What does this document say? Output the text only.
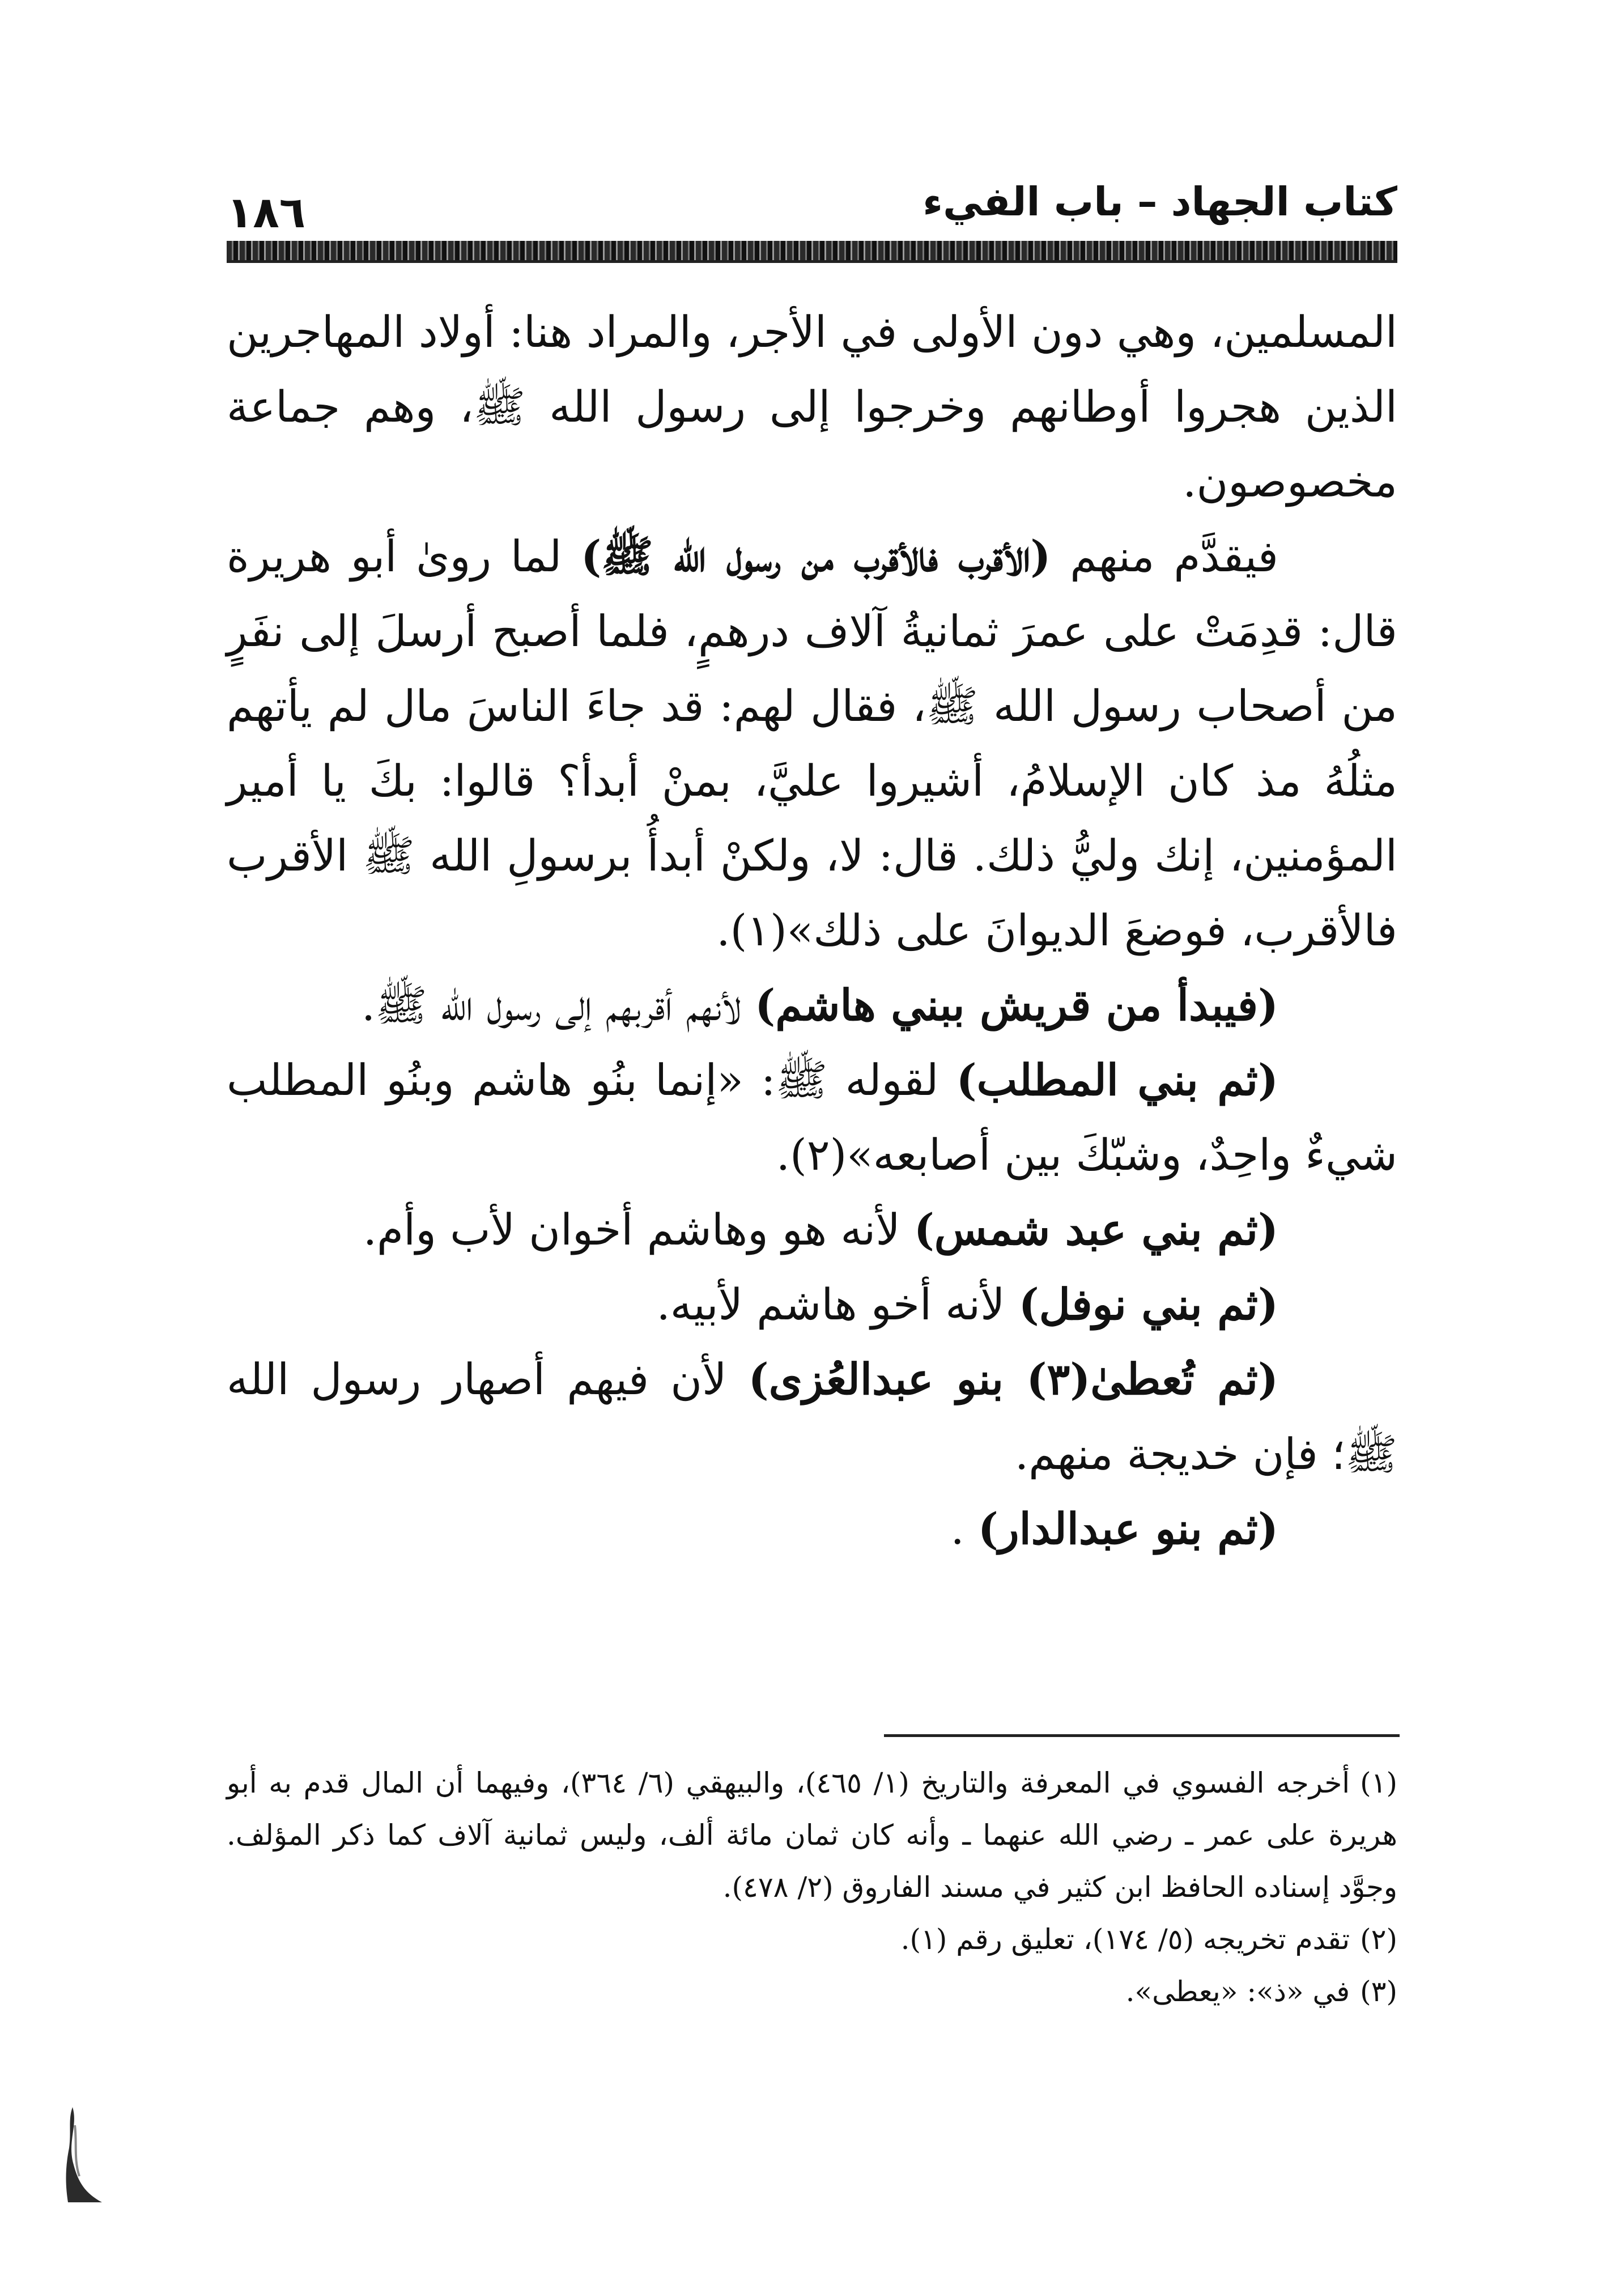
١٨٦	كتاب الجهاد – باب الفيء

المسلمين، وهي دون الأولى في الأجر، والمراد هنا: أولاد المهاجرين الذين هجروا أوطانهم وخرجوا إلى رسول الله ﷺ، وهم جماعة مخصوصون.

فيقدَّم منهم (الأقرب فالأقرب من رسول الله ﷺ) لما روىٰ أبو هريرة قال: قدِمَتْ على عمرَ ثمانيةُ آلاف درهمٍ، فلما أصبح أرسلَ إلى نفَرٍ من أصحاب رسول الله ﷺ، فقال لهم: قد جاءَ الناسَ مال لم يأتهم مثلُهُ مذ كان الإسلامُ، أشيروا عليَّ، بمنْ أبدأ؟ قالوا: بكَ يا أمير المؤمنين، إنك وليُّ ذلك. قال: لا، ولكنْ أبدأُ برسولِ الله ﷺ الأقرب فالأقرب، فوضعَ الديوانَ على ذلك»(١).

(فيبدأ من قريش ببني هاشم) لأنهم أقربهم إلى رسول الله ﷺ.

(ثم بني المطلب) لقوله ﷺ: «إنما بنُو هاشم وبنُو المطلب شيءٌ واحِدٌ، وشبّكَ بين أصابعه»(٢).

(ثم بني عبد شمس) لأنه هو وهاشم أخوان لأب وأم.

(ثم بني نوفل) لأنه أخو هاشم لأبيه.

(ثم تُعطىٰ(٣) بنو عبدالعُزى) لأن فيهم أصهار رسول الله ﷺ؛ فإن خديجة منهم.

(ثم بنو عبدالدار) .

(١)أخرجه الفسوي في المعرفة والتاريخ (١/ ٤٦٥)، والبيهقي (٦/ ٣٦٤)، وفيهما أن المال قدم به أبو هريرة على عمر ـ رضي الله عنهما ـ وأنه كان ثمان مائة ألف، وليس ثمانية آلاف كما ذكر المؤلف. وجوَّد إسناده الحافظ ابن كثير في مسند الفاروق (٢/ ٤٧٨).

(٢)تقدم تخريجه (٥/ ١٧٤)، تعليق رقم (١).

(٣)في «ذ»: «يعطى».
